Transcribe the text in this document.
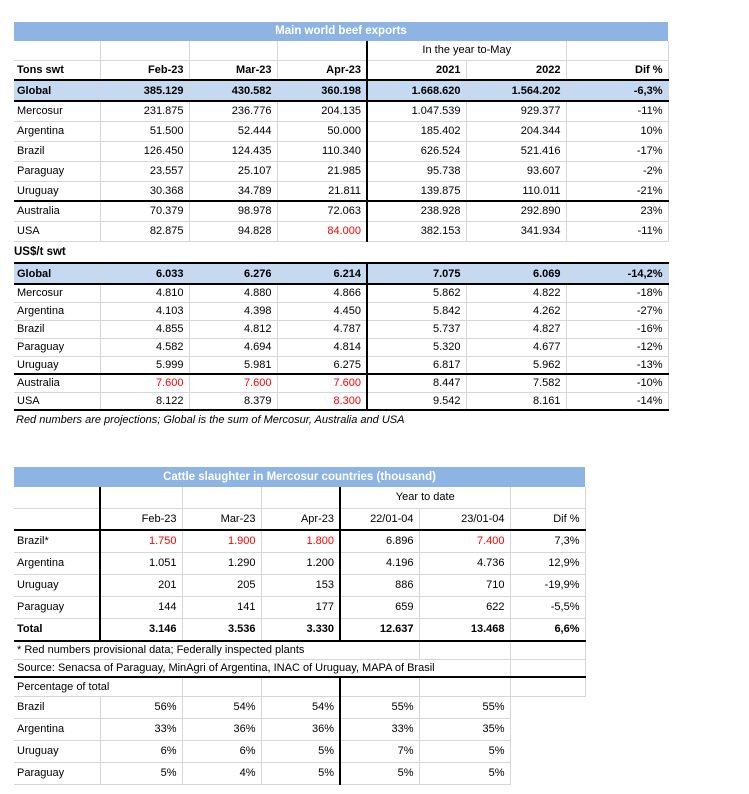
Main world beef exports
				In the year to-May		
Tons swt	Feb-23	Mar-23	Apr-23	2021	2022	Dif %
Global	385.129	430.582	360.198	1.668.620	1.564.202	-6,3%
Mercosur	231.875	236.776	204.135	1.047.539	929.377	-11%
Argentina	51.500	52.444	50.000	185.402	204.344	10%
Brazil	126.450	124.435	110.340	626.524	521.416	-17%
Paraguay	23.557	25.107	21.985	95.738	93.607	-2%
Uruguay	30.368	34.789	21.811	139.875	110.011	-21%
Australia	70.379	98.978	72.063	238.928	292.890	23%
USA	82.875	94.828	84.000	382.153	341.934	-11%
US$/t swt						
Global	6.033	6.276	6.214	7.075	6.069	-14,2%
Mercosur	4.810	4.880	4.866	5.862	4.822	-18%
Argentina	4.103	4.398	4.450	5.842	4.262	-27%
Brazil	4.855	4.812	4.787	5.737	4.827	-16%
Paraguay	4.582	4.694	4.814	5.320	4.677	-12%
Uruguay	5.999	5.981	6.275	6.817	5.962	-13%
Australia	7.600	7.600	7.600	8.447	7.582	-10%
USA	8.122	8.379	8.300	9.542	8.161	-14%
Red numbers are projections; Global is the sum of Mercosur, Australia and USA
Cattle slaughter in Mercosur countries (thousand)
				Year to date		
	Feb-23	Mar-23	Apr-23	22/01-04	23/01-04	Dif %
Brazil*	1.750	1.900	1.800	6.896	7.400	7,3%
Argentina	1.051	1.290	1.200	4.196	4.736	12,9%
Uruguay	201	205	153	886	710	-19,9%
Paraguay	144	141	177	659	622	-5,5%
Total	3.146	3.536	3.330	12.637	13.468	6,6%
* Red numbers provisional data; Federally inspected plants						
Source: Senacsa of Paraguay, MinAgri of Argentina, INAC of Uruguay, MAPA of Brasil						
Percentage of total						
Brazil	56%	54%	54%	55%	55%	
Argentina	33%	36%	36%	33%	35%	
Uruguay	6%	6%	5%	7%	5%	
Paraguay	5%	4%	5%	5%	5%	
